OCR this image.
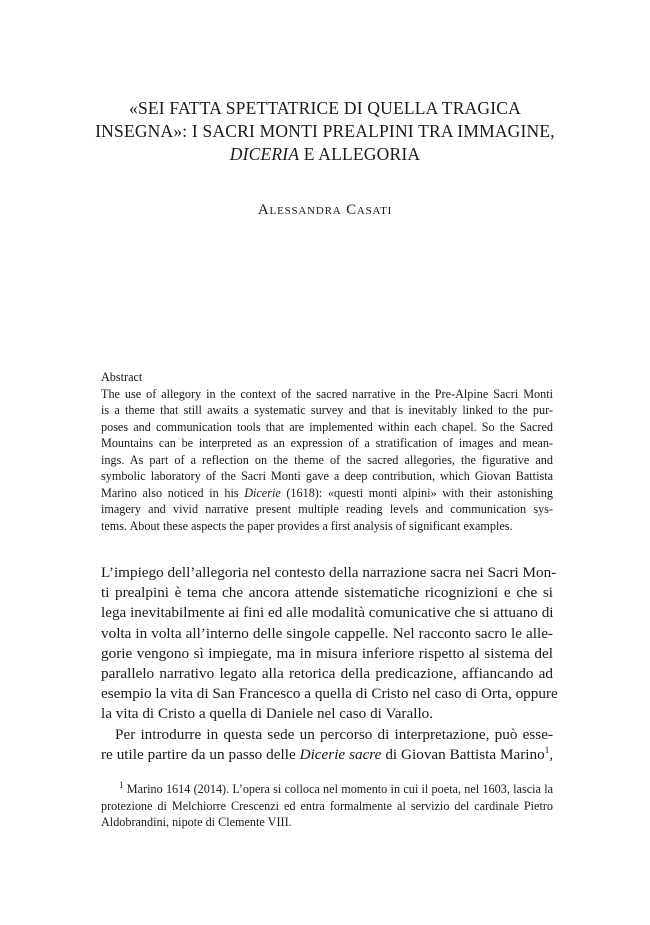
«SEI FATTA SPETTATRICE DI QUELLA TRAGICA
INSEGNA»: I SACRI MONTI PREALPINI TRA IMMAGINE,
DICERIA E ALLEGORIA
Alessandra Casati
Abstract
The use of allegory in the context of the sacred narrative in the Pre-Alpine Sacri Monti
is a theme that still awaits a systematic survey and that is inevitably linked to the pur-
poses and communication tools that are implemented within each chapel. So the Sacred
Mountains can be interpreted as an expression of a stratification of images and mean-
ings. As part of a reflection on the theme of the sacred allegories, the figurative and
symbolic laboratory of the Sacri Monti gave a deep contribution, which Giovan Battista
Marino also noticed in his Dicerie (1618): «questi monti alpini» with their astonishing
imagery and vivid narrative present multiple reading levels and communication sys-
tems. About these aspects the paper provides a first analysis of significant examples.
L’impiego dell’allegoria nel contesto della narrazione sacra nei Sacri Mon-
ti prealpini è tema che ancora attende sistematiche ricognizioni e che si
lega inevitabilmente ai fini ed alle modalità comunicative che si attuano di
volta in volta all’interno delle singole cappelle. Nel racconto sacro le alle-
gorie vengono sì impiegate, ma in misura inferiore rispetto al sistema del
parallelo narrativo legato alla retorica della predicazione, affiancando ad
esempio la vita di San Francesco a quella di Cristo nel caso di Orta, oppure
la vita di Cristo a quella di Daniele nel caso di Varallo.
Per introdurre in questa sede un percorso di interpretazione, può esse-
re utile partire da un passo delle Dicerie sacre di Giovan Battista Marino$^1$,
$^1$ Marino 1614 (2014). L’opera si colloca nel momento in cui il poeta, nel 1603, lascia la
protezione di Melchiorre Crescenzi ed entra formalmente al servizio del cardinale Pietro
Aldobrandini, nipote di Clemente VIII.
